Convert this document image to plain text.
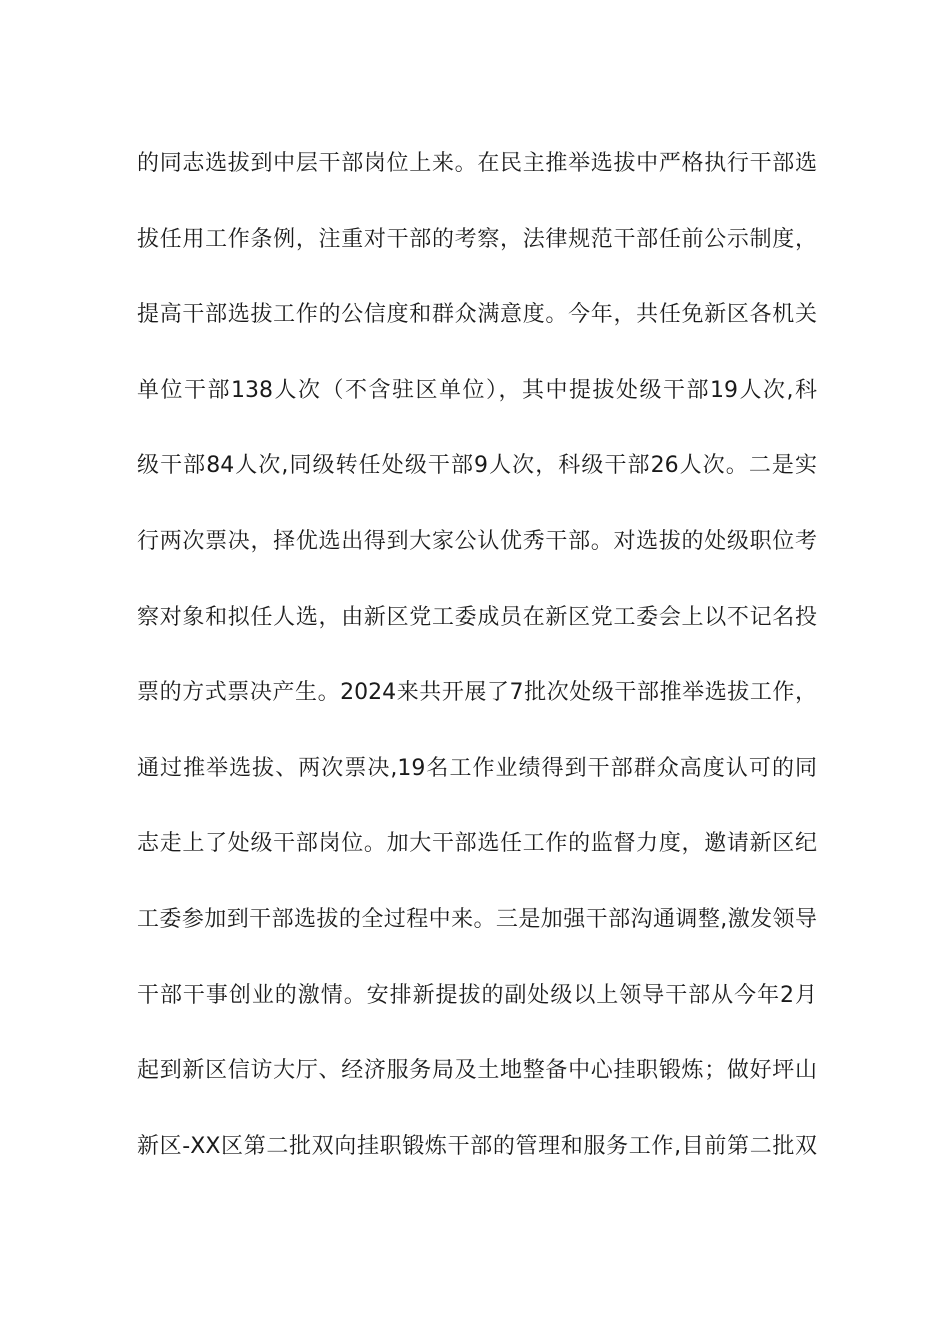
的同志选拔到中层干部岗位上来。在民主推举选拔中严格执行干部选
拔任用工作条例，注重对干部的考察，法律规范干部任前公示制度，
提高干部选拔工作的公信度和群众满意度。今年，共任免新区各机关
单位干部138人次（不含驻区单位），其中提拔处级干部19人次,科
级干部84人次,同级转任处级干部9人次，科级干部26人次。二是实
行两次票决，择优选出得到大家公认优秀干部。对选拔的处级职位考
察对象和拟任人选，由新区党工委成员在新区党工委会上以不记名投
票的方式票决产生。2024来共开展了7批次处级干部推举选拔工作，
通过推举选拔、两次票决,19名工作业绩得到干部群众高度认可的同
志走上了处级干部岗位。加大干部选任工作的监督力度，邀请新区纪
工委参加到干部选拔的全过程中来。三是加强干部沟通调整,激发领导
干部干事创业的激情。安排新提拔的副处级以上领导干部从今年2月
起到新区信访大厅、经济服务局及土地整备中心挂职锻炼；做好坪山
新区-XX区第二批双向挂职锻炼干部的管理和服务工作,目前第二批双
